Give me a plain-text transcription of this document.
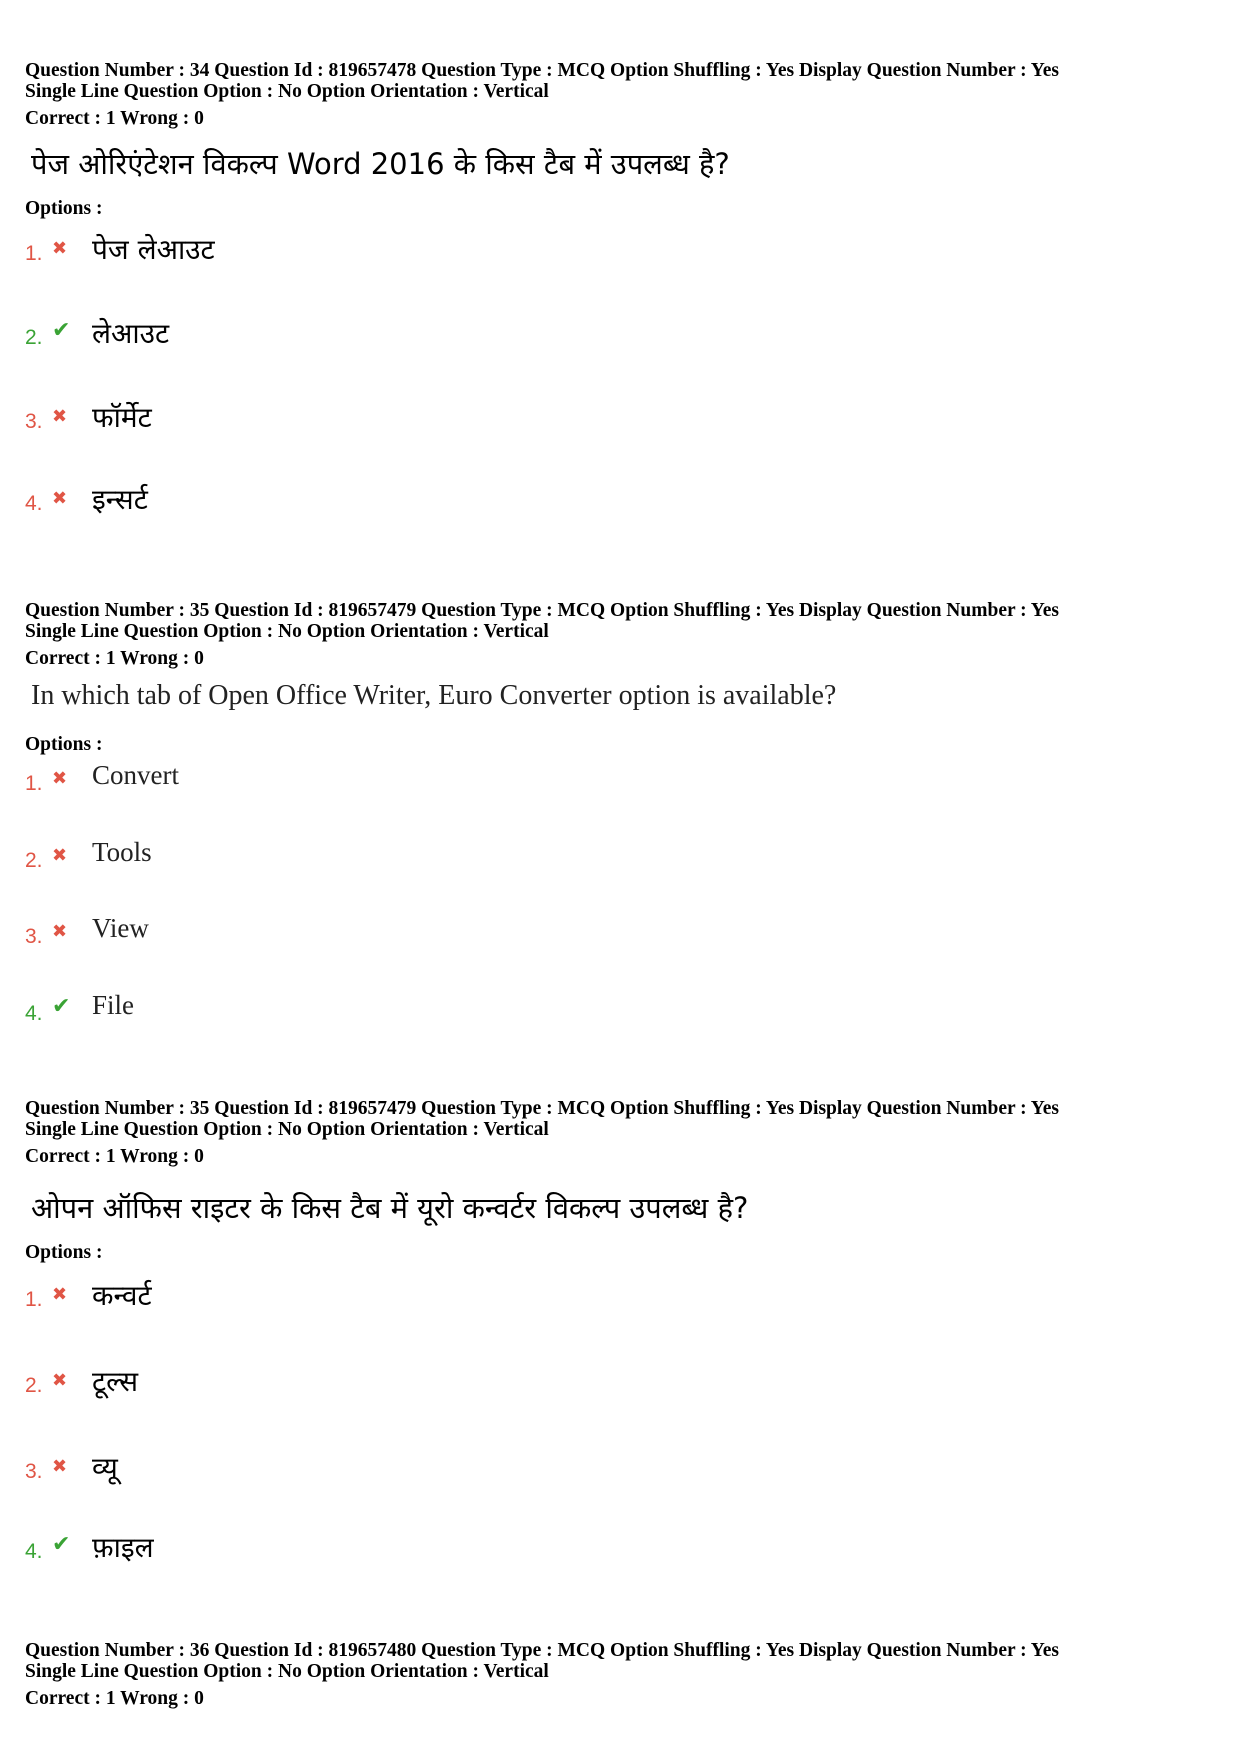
Question Number : 34 Question Id : 819657478 Question Type : MCQ Option Shuffling : Yes Display Question Number : Yes
Single Line Question Option : No Option Orientation : Vertical
Correct : 1 Wrong : 0
पेज ओरिएंटेशन विकल्प Word 2016 के किस टैब में उपलब्ध है?
Options :
1. ✖ पेज लेआउट
2. ✔ लेआउट
3. ✖ फॉर्मेट
4. ✖ इन्सर्ट
Question Number : 35 Question Id : 819657479 Question Type : MCQ Option Shuffling : Yes Display Question Number : Yes
Single Line Question Option : No Option Orientation : Vertical
Correct : 1 Wrong : 0
In which tab of Open Office Writer, Euro Converter option is available?
Options :
1. ✖ Convert
2. ✖ Tools
3. ✖ View
4. ✔ File
Question Number : 35 Question Id : 819657479 Question Type : MCQ Option Shuffling : Yes Display Question Number : Yes
Single Line Question Option : No Option Orientation : Vertical
Correct : 1 Wrong : 0
ओपन ऑफिस राइटर के किस टैब में यूरो कन्वर्टर विकल्प उपलब्ध है?
Options :
1. ✖ कन्वर्ट
2. ✖ टूल्स
3. ✖ व्यू
4. ✔ फ़ाइल
Question Number : 36 Question Id : 819657480 Question Type : MCQ Option Shuffling : Yes Display Question Number : Yes
Single Line Question Option : No Option Orientation : Vertical
Correct : 1 Wrong : 0
